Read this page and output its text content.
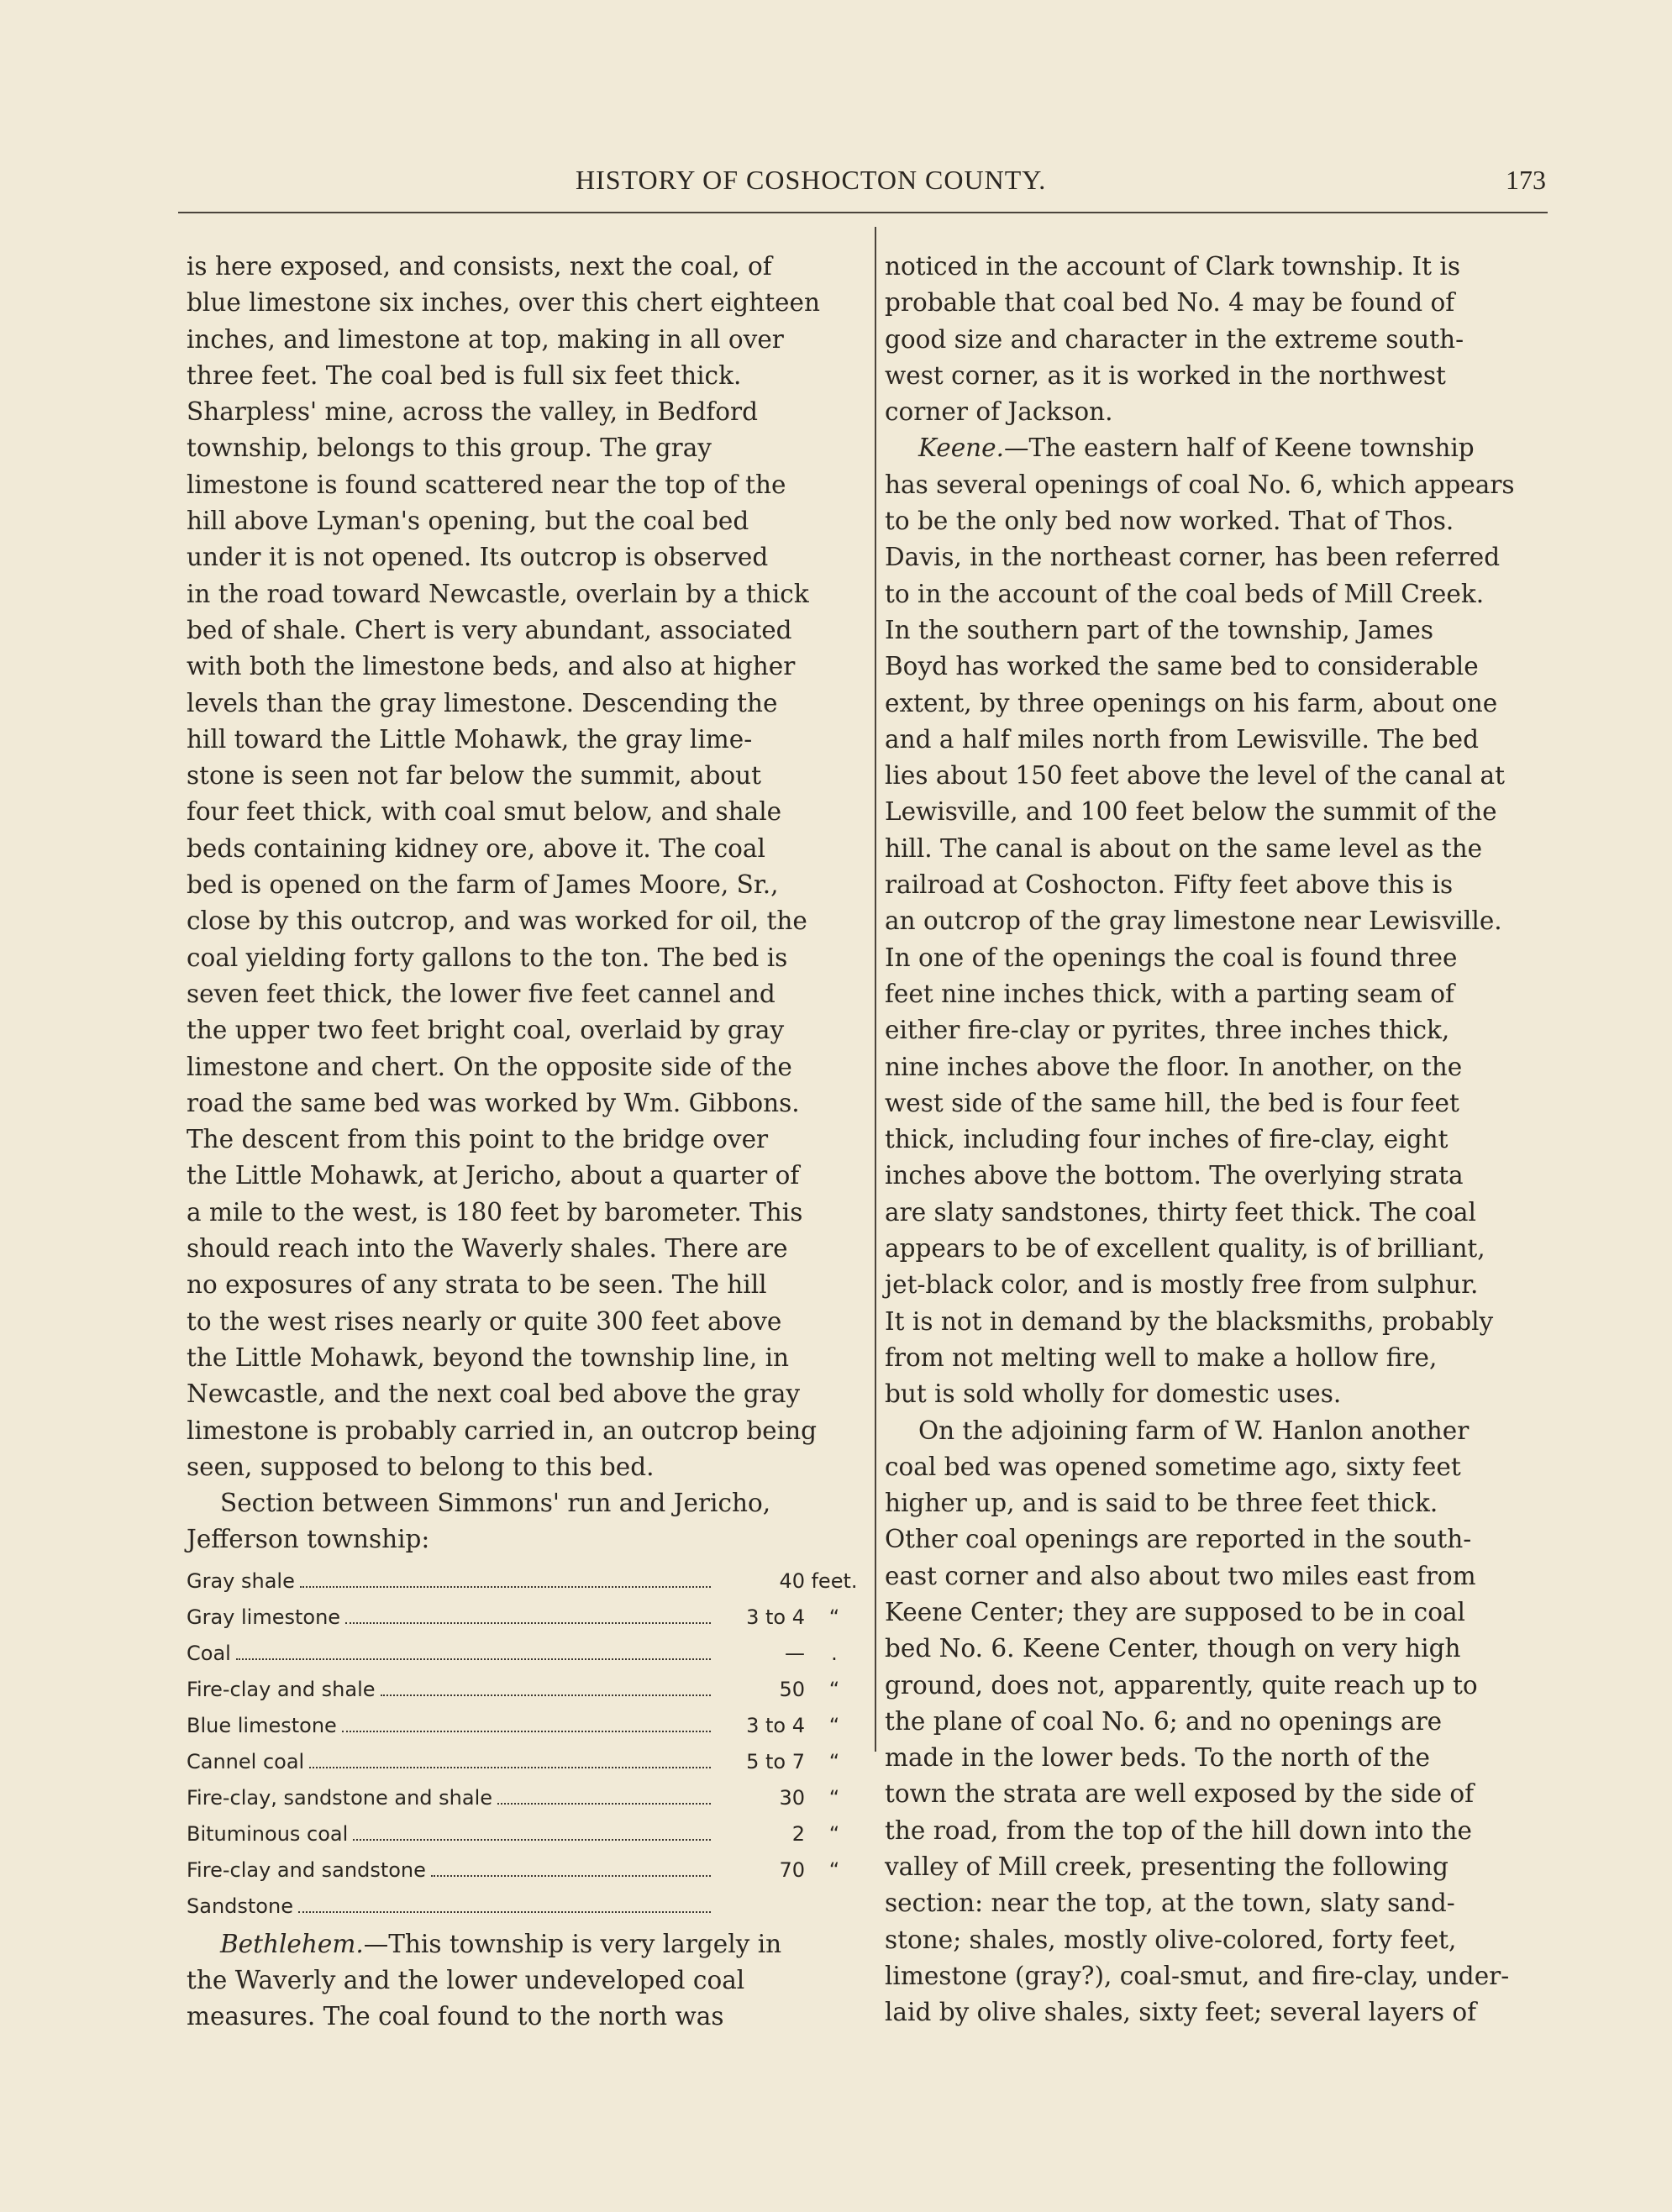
HISTORY OF COSHOCTON COUNTY.	173

is here exposed, and consists, next the coal, of
blue limestone six inches, over this chert eighteen
inches, and limestone at top, making in all over
three feet. The coal bed is full six feet thick.
Sharpless' mine, across the valley, in Bedford
township, belongs to this group. The gray
limestone is found scattered near the top of the
hill above Lyman's opening, but the coal bed
under it is not opened. Its outcrop is observed
in the road toward Newcastle, overlain by a thick
bed of shale. Chert is very abundant, associated
with both the limestone beds, and also at higher
levels than the gray limestone. Descending the
hill toward the Little Mohawk, the gray lime-
stone is seen not far below the summit, about
four feet thick, with coal smut below, and shale
beds containing kidney ore, above it. The coal
bed is opened on the farm of James Moore, Sr.,
close by this outcrop, and was worked for oil, the
coal yielding forty gallons to the ton. The bed is
seven feet thick, the lower five feet cannel and
the upper two feet bright coal, overlaid by gray
limestone and chert. On the opposite side of the
road the same bed was worked by Wm. Gibbons.
The descent from this point to the bridge over
the Little Mohawk, at Jericho, about a quarter of
a mile to the west, is 180 feet by barometer. This
should reach into the Waverly shales. There are
no exposures of any strata to be seen. The hill
to the west rises nearly or quite 300 feet above
the Little Mohawk, beyond the township line, in
Newcastle, and the next coal bed above the gray
limestone is probably carried in, an outcrop being
seen, supposed to belong to this bed.

Section between Simmons' run and Jericho,
Jefferson township:

Gray shale	40 feet.
Gray limestone	3 to 4	“
Coal	—	.
Fire-clay and shale	50	“
Blue limestone	3 to 4	“
Cannel coal	5 to 7	“
Fire-clay, sandstone and shale	30	“
Bituminous coal	2	“
Fire-clay and sandstone	70	“
Sandstone

Bethlehem.—This township is very largely in
the Waverly and the lower undeveloped coal
measures. The coal found to the north was

noticed in the account of Clark township. It is
probable that coal bed No. 4 may be found of
good size and character in the extreme south-
west corner, as it is worked in the northwest
corner of Jackson.

Keene.—The eastern half of Keene township
has several openings of coal No. 6, which appears
to be the only bed now worked. That of Thos.
Davis, in the northeast corner, has been referred
to in the account of the coal beds of Mill Creek.
In the southern part of the township, James
Boyd has worked the same bed to considerable
extent, by three openings on his farm, about one
and a half miles north from Lewisville. The bed
lies about 150 feet above the level of the canal at
Lewisville, and 100 feet below the summit of the
hill. The canal is about on the same level as the
railroad at Coshocton. Fifty feet above this is
an outcrop of the gray limestone near Lewisville.
In one of the openings the coal is found three
feet nine inches thick, with a parting seam of
either fire-clay or pyrites, three inches thick,
nine inches above the floor. In another, on the
west side of the same hill, the bed is four feet
thick, including four inches of fire-clay, eight
inches above the bottom. The overlying strata
are slaty sandstones, thirty feet thick. The coal
appears to be of excellent quality, is of brilliant,
jet-black color, and is mostly free from sulphur.
It is not in demand by the blacksmiths, probably
from not melting well to make a hollow fire,
but is sold wholly for domestic uses.

On the adjoining farm of W. Hanlon another
coal bed was opened sometime ago, sixty feet
higher up, and is said to be three feet thick.
Other coal openings are reported in the south-
east corner and also about two miles east from
Keene Center; they are supposed to be in coal
bed No. 6. Keene Center, though on very high
ground, does not, apparently, quite reach up to
the plane of coal No. 6; and no openings are
made in the lower beds. To the north of the
town the strata are well exposed by the side of
the road, from the top of the hill down into the
valley of Mill creek, presenting the following
section: near the top, at the town, slaty sand-
stone; shales, mostly olive-colored, forty feet,
limestone (gray?), coal-smut, and fire-clay, under-
laid by olive shales, sixty feet; several layers of
